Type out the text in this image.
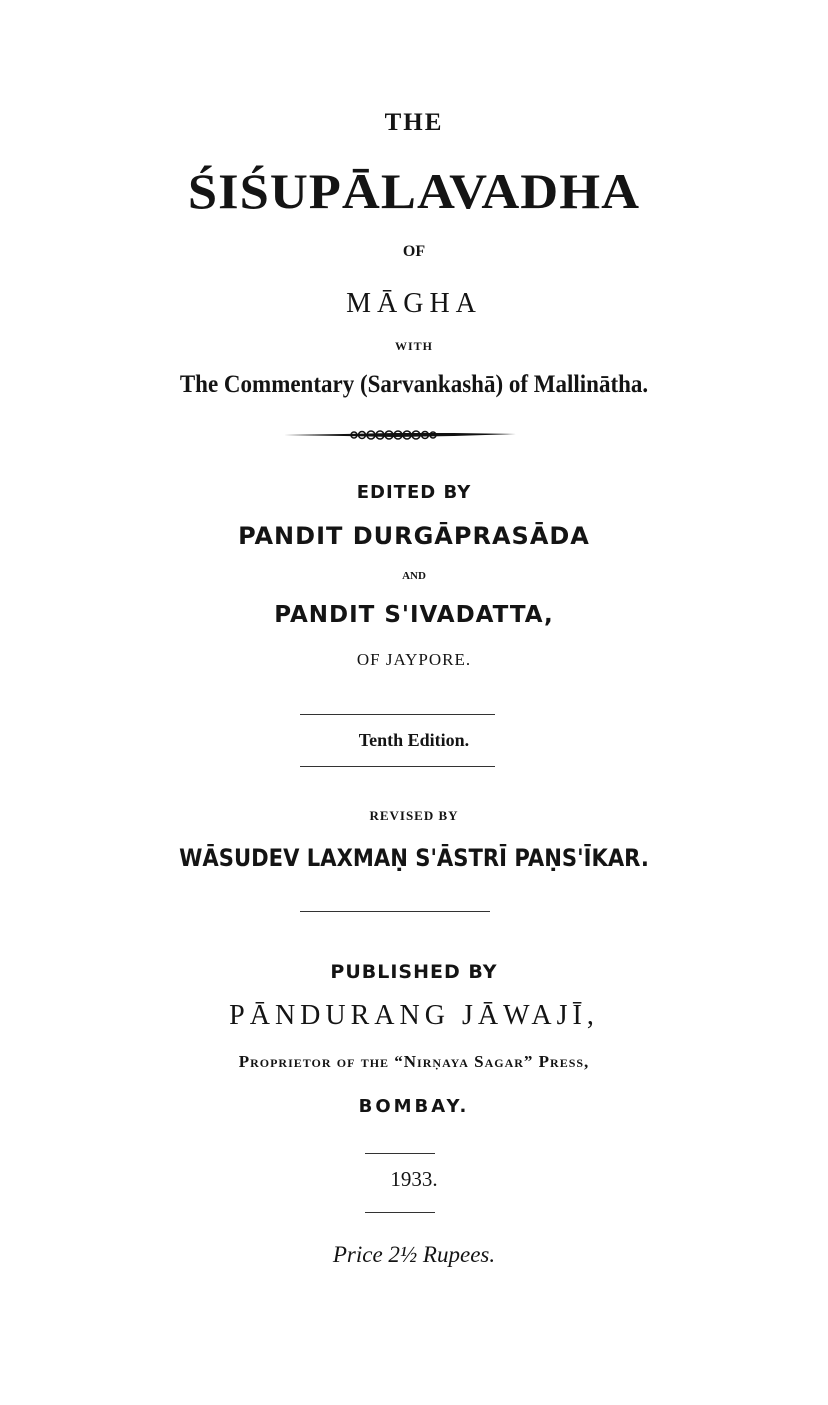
THE
ŚIŚUPĀLAVADHA
OF
MĀGHA
WITH
The Commentary (Sarvankashā) of Mallinātha.
EDITED BY
PANDIT DURGĀPRASĀDA
AND
PANDIT S'IVADATTA,
OF JAYPORE.
Tenth Edition.
REVISED BY
WĀSUDEV LAXMAṆ S'ĀSTRĪ PAṆS'ĪKAR.
PUBLISHED BY
PĀNDURANG JĀWAJĪ,
Proprietor of the “Nirṇaya Sagar” Press,
BOMBAY.
1933.
Price 2½ Rupees.
